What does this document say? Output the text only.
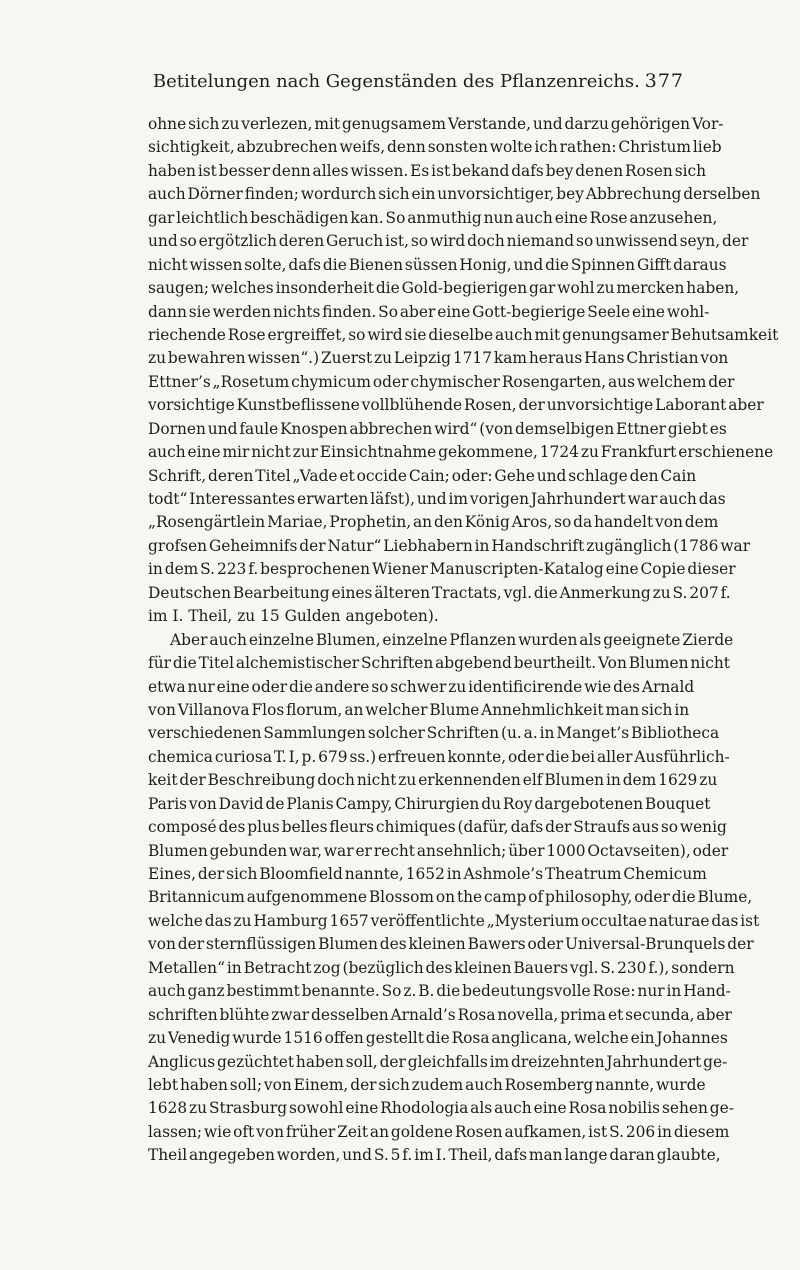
Betitelungen nach Gegenständen des Pflanzenreichs. 377
ohne sich zu verlezen, mit genugsamem Verstande, und darzu gehörigen Vor-
sichtigkeit, abzubrechen weifs, denn sonsten wolte ich rathen: Christum lieb
haben ist besser denn alles wissen. Es ist bekand dafs bey denen Rosen sich
auch Dörner finden; wordurch sich ein unvorsichtiger, bey Abbrechung derselben
gar leichtlich beschädigen kan. So anmuthig nun auch eine Rose anzusehen,
und so ergötzlich deren Geruch ist, so wird doch niemand so unwissend seyn, der
nicht wissen solte, dafs die Bienen süssen Honig, und die Spinnen Gifft daraus
saugen; welches insonderheit die Gold-begierigen gar wohl zu mercken haben,
dann sie werden nichts finden. So aber eine Gott-begierige Seele eine wohl-
riechende Rose ergreiffet, so wird sie dieselbe auch mit genungsamer Behutsamkeit
zu bewahren wissen“.) Zuerst zu Leipzig 1717 kam heraus Hans Christian von
Ettner’s „Rosetum chymicum oder chymischer Rosengarten, aus welchem der
vorsichtige Kunstbeflissene vollblühende Rosen, der unvorsichtige Laborant aber
Dornen und faule Knospen abbrechen wird“ (von demselbigen Ettner giebt es
auch eine mir nicht zur Einsichtnahme gekommene, 1724 zu Frankfurt erschienene
Schrift, deren Titel „Vade et occide Cain; oder: Gehe und schlage den Cain
todt“ Interessantes erwarten läfst), und im vorigen Jahrhundert war auch das
„Rosengärtlein Mariae, Prophetin, an den König Aros, so da handelt von dem
grofsen Geheimnifs der Natur“ Liebhabern in Handschrift zugänglich (1786 war
in dem S. 223 f. besprochenen Wiener Manuscripten-Katalog eine Copie dieser
Deutschen Bearbeitung eines älteren Tractats, vgl. die Anmerkung zu S. 207 f.
im I. Theil, zu 15 Gulden angeboten).
Aber auch einzelne Blumen, einzelne Pflanzen wurden als geeignete Zierde
für die Titel alchemistischer Schriften abgebend beurtheilt. Von Blumen nicht
etwa nur eine oder die andere so schwer zu identificirende wie des Arnald
von Villanova Flos florum, an welcher Blume Annehmlichkeit man sich in
verschiedenen Sammlungen solcher Schriften (u. a. in Manget’s Bibliotheca
chemica curiosa T. I, p. 679 ss.) erfreuen konnte, oder die bei aller Ausführlich-
keit der Beschreibung doch nicht zu erkennenden elf Blumen in dem 1629 zu
Paris von David de Planis Campy, Chirurgien du Roy dargebotenen Bouquet
composé des plus belles fleurs chimiques (dafür, dafs der Straufs aus so wenig
Blumen gebunden war, war er recht ansehnlich; über 1000 Octavseiten), oder
Eines, der sich Bloomfield nannte, 1652 in Ashmole’s Theatrum Chemicum
Britannicum aufgenommene Blossom on the camp of philosophy, oder die Blume,
welche das zu Hamburg 1657 veröffentlichte „Mysterium occultae naturae das ist
von der sternflüssigen Blumen des kleinen Bawers oder Universal-Brunquels der
Metallen“ in Betracht zog (bezüglich des kleinen Bauers vgl. S. 230 f.), sondern
auch ganz bestimmt benannte. So z. B. die bedeutungsvolle Rose: nur in Hand-
schriften blühte zwar desselben Arnald’s Rosa novella, prima et secunda, aber
zu Venedig wurde 1516 offen gestellt die Rosa anglicana, welche ein Johannes
Anglicus gezüchtet haben soll, der gleichfalls im dreizehnten Jahrhundert ge-
lebt haben soll; von Einem, der sich zudem auch Rosemberg nannte, wurde
1628 zu Strasburg sowohl eine Rhodologia als auch eine Rosa nobilis sehen ge-
lassen; wie oft von früher Zeit an goldene Rosen aufkamen, ist S. 206 in diesem
Theil angegeben worden, und S. 5 f. im I. Theil, dafs man lange daran glaubte,
